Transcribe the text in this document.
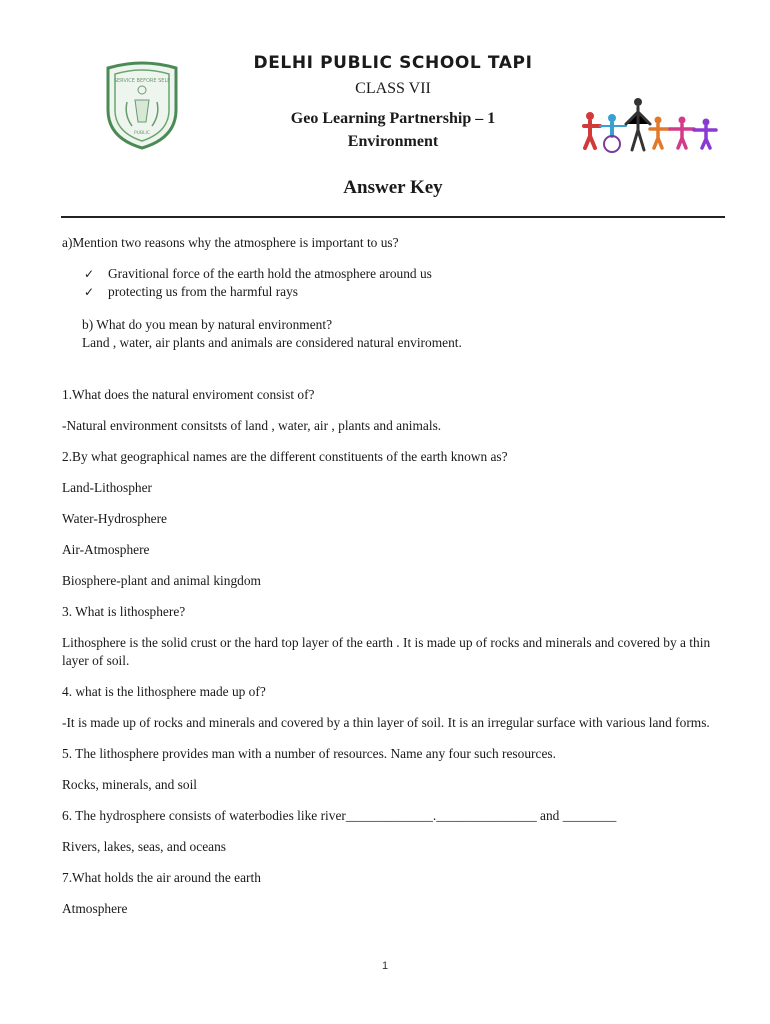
SERVICE BEFORE SELF
PUBLIC
DELHI PUBLIC SCHOOL TAPI
CLASS VII
Geo Learning Partnership – 1
Environment
Answer Key

a)Mention two reasons why the atmosphere is important to us?

✓ Gravitional force of the earth hold the atmosphere around us
✓ protecting us from the harmful rays

b) What do you mean by natural environment?

Land , water, air plants and animals are considered natural enviroment.

1.What does the natural enviroment consist of?

-Natural environment consitsts of land , water, air , plants and animals.

2.By what geographical names are the different constituents of the earth known as?

Land-Lithospher

Water-Hydrosphere

Air-Atmosphere

Biosphere-plant and animal kingdom

3. What is lithosphere?

Lithosphere is the solid crust or the hard top layer of the earth . It is made up of rocks and minerals and covered by a thin layer of soil.

4. what is the lithosphere made up of?

-It is made up of rocks and minerals and covered by a thin layer of soil. It is an irregular surface with various land forms.

5. The lithosphere provides man with a number of resources. Name any four such resources.

Rocks, minerals, and soil

6. The hydrosphere consists of waterbodies like river_____________._______________ and ________

Rivers, lakes, seas, and oceans

7.What holds the air around the earth

Atmosphere

1
